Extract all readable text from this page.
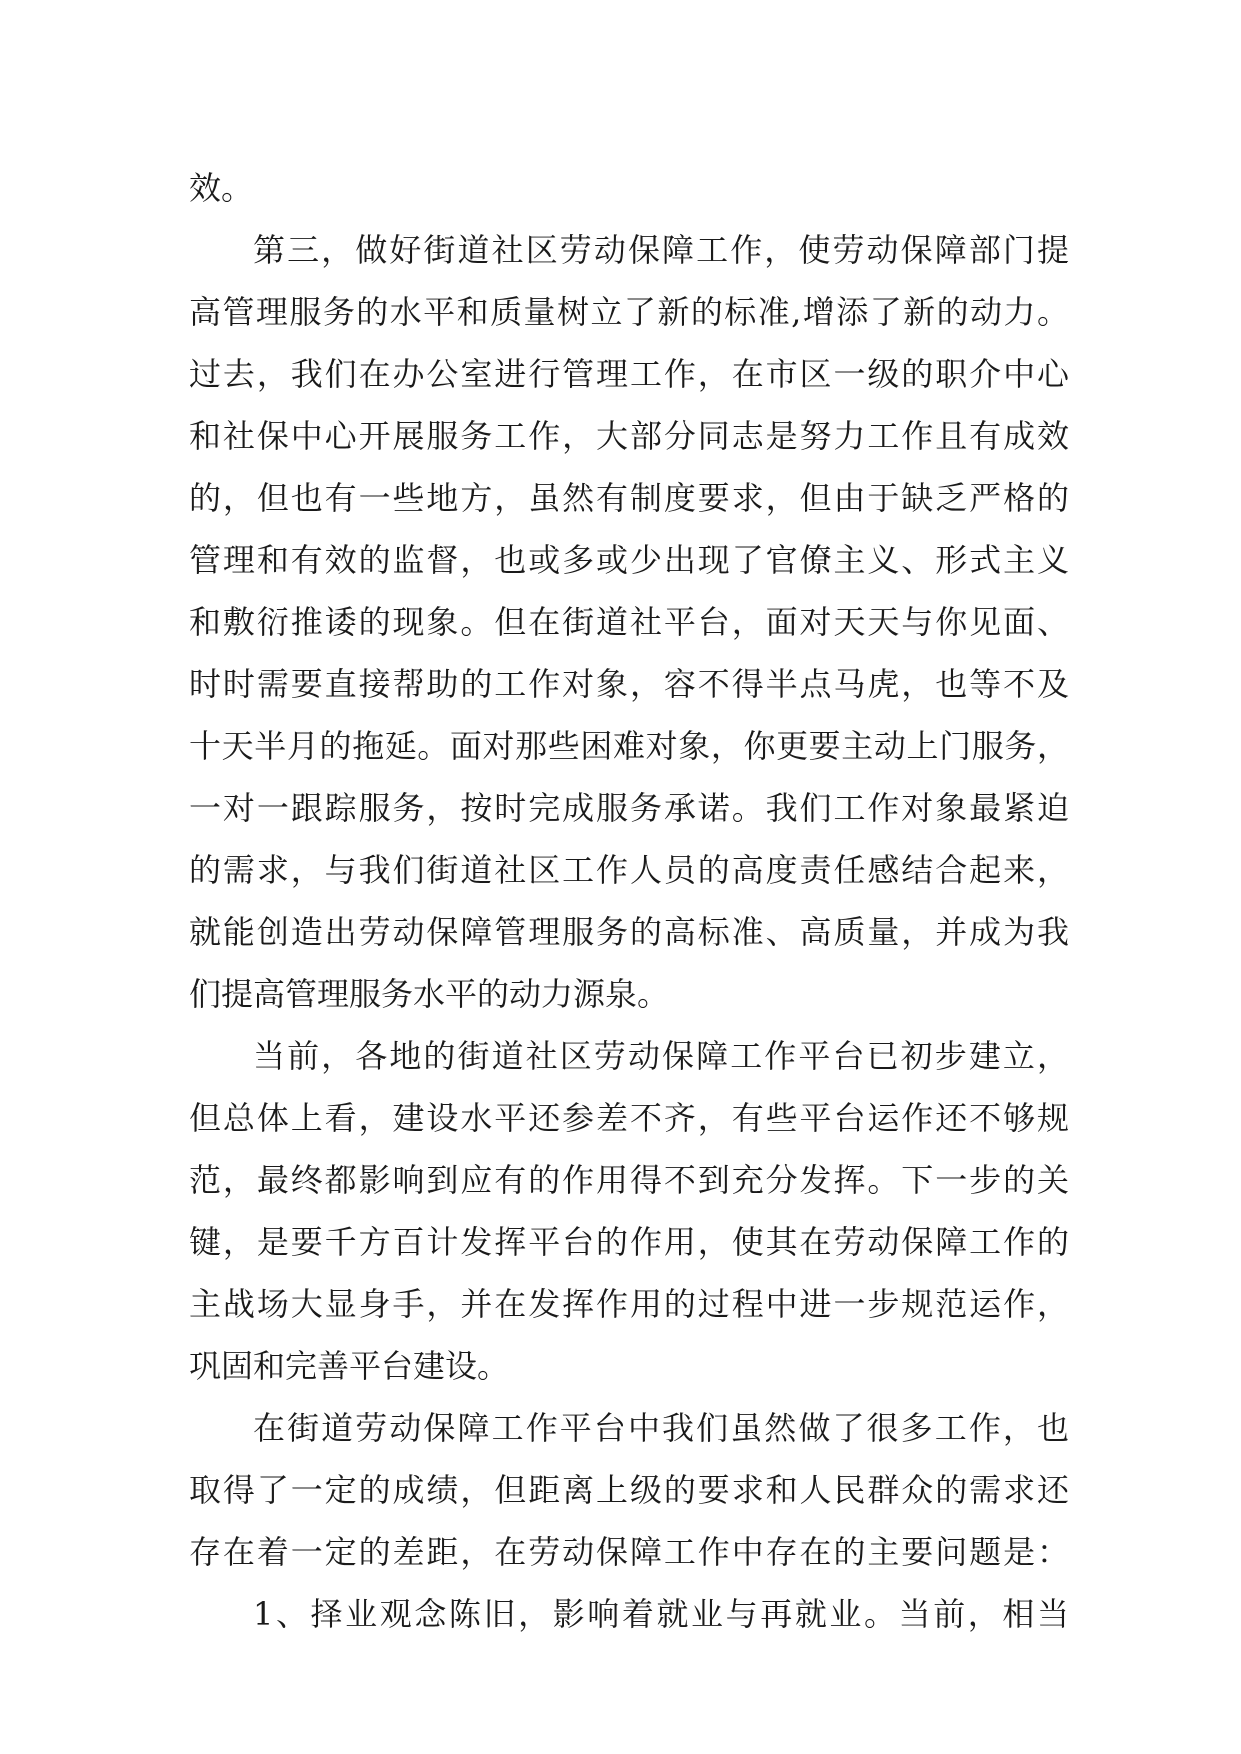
效。
第三，做好街道社区劳动保障工作，使劳动保障部门提
高管理服务的水平和质量树立了新的标准,增添了新的动力。
过去，我们在办公室进行管理工作，在市区一级的职介中心
和社保中心开展服务工作，大部分同志是努力工作且有成效
的，但也有一些地方，虽然有制度要求，但由于缺乏严格的
管理和有效的监督，也或多或少出现了官僚主义、形式主义
和敷衍推诿的现象。但在街道社平台，面对天天与你见面、
时时需要直接帮助的工作对象，容不得半点马虎，也等不及
十天半月的拖延。面对那些困难对象，你更要主动上门服务，
一对一跟踪服务，按时完成服务承诺。我们工作对象最紧迫
的需求，与我们街道社区工作人员的高度责任感结合起来，
就能创造出劳动保障管理服务的高标准、高质量，并成为我
们提高管理服务水平的动力源泉。
当前，各地的街道社区劳动保障工作平台已初步建立，
但总体上看，建设水平还参差不齐，有些平台运作还不够规
范，最终都影响到应有的作用得不到充分发挥。下一步的关
键，是要千方百计发挥平台的作用，使其在劳动保障工作的
主战场大显身手，并在发挥作用的过程中进一步规范运作，
巩固和完善平台建设。
在街道劳动保障工作平台中我们虽然做了很多工作，也
取得了一定的成绩，但距离上级的要求和人民群众的需求还
存在着一定的差距，在劳动保障工作中存在的主要问题是：
1、择业观念陈旧，影响着就业与再就业。当前，相当
